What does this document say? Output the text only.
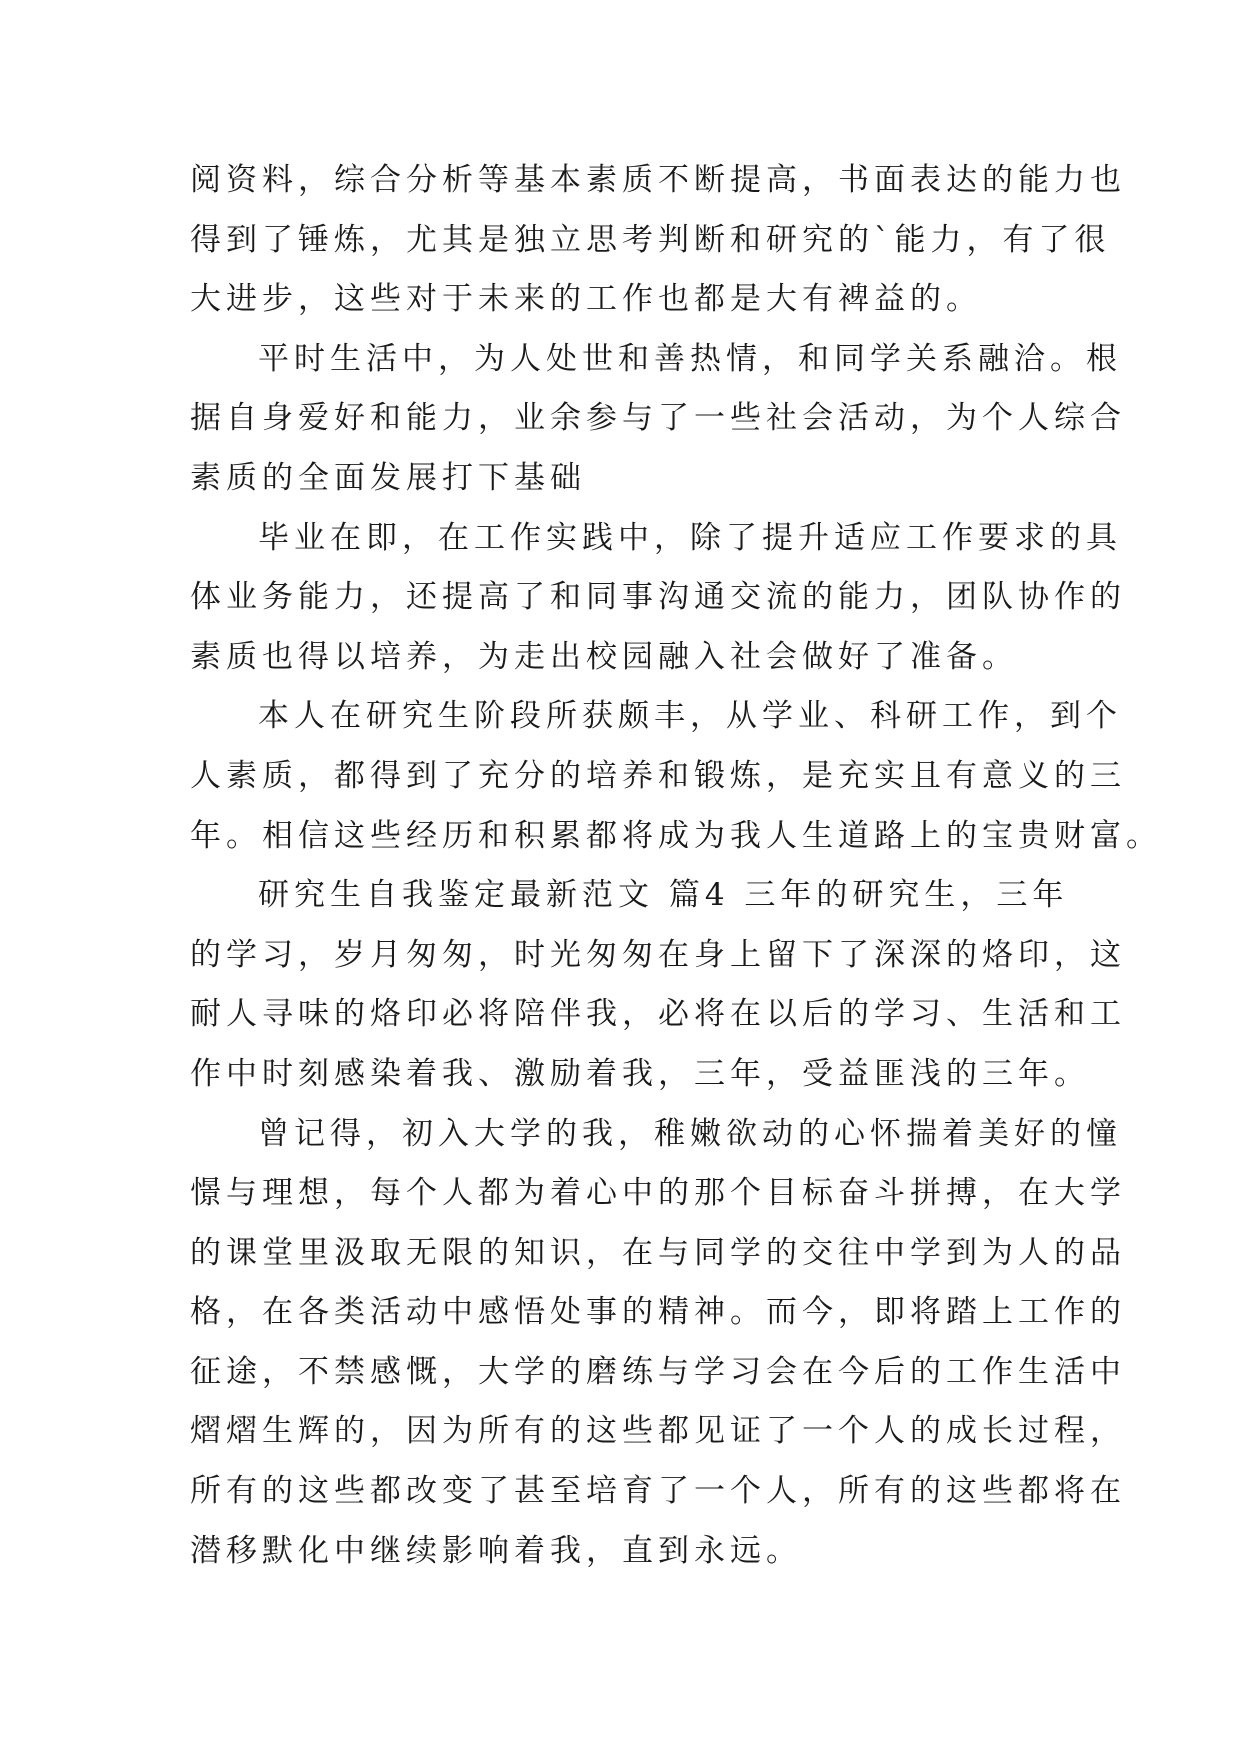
阅资料，综合分析等基本素质不断提高，书面表达的能力也
得到了锤炼，尤其是独立思考判断和研究的`能力，有了很
大进步，这些对于未来的工作也都是大有裨益的。
平时生活中，为人处世和善热情，和同学关系融洽。根
据自身爱好和能力，业余参与了一些社会活动，为个人综合
素质的全面发展打下基础
毕业在即，在工作实践中，除了提升适应工作要求的具
体业务能力，还提高了和同事沟通交流的能力，团队协作的
素质也得以培养，为走出校园融入社会做好了准备。
本人在研究生阶段所获颇丰，从学业、科研工作，到个
人素质，都得到了充分的培养和锻炼，是充实且有意义的三
年。相信这些经历和积累都将成为我人生道路上的宝贵财富。
研究生自我鉴定最新范文 篇4 三年的研究生，三年
的学习，岁月匆匆，时光匆匆在身上留下了深深的烙印，这
耐人寻味的烙印必将陪伴我，必将在以后的学习、生活和工
作中时刻感染着我、激励着我，三年，受益匪浅的三年。
曾记得，初入大学的我，稚嫩欲动的心怀揣着美好的憧
憬与理想，每个人都为着心中的那个目标奋斗拼搏，在大学
的课堂里汲取无限的知识，在与同学的交往中学到为人的品
格，在各类活动中感悟处事的精神。而今，即将踏上工作的
征途，不禁感慨，大学的磨练与学习会在今后的工作生活中
熠熠生辉的，因为所有的这些都见证了一个人的成长过程，
所有的这些都改变了甚至培育了一个人，所有的这些都将在
潜移默化中继续影响着我，直到永远。
